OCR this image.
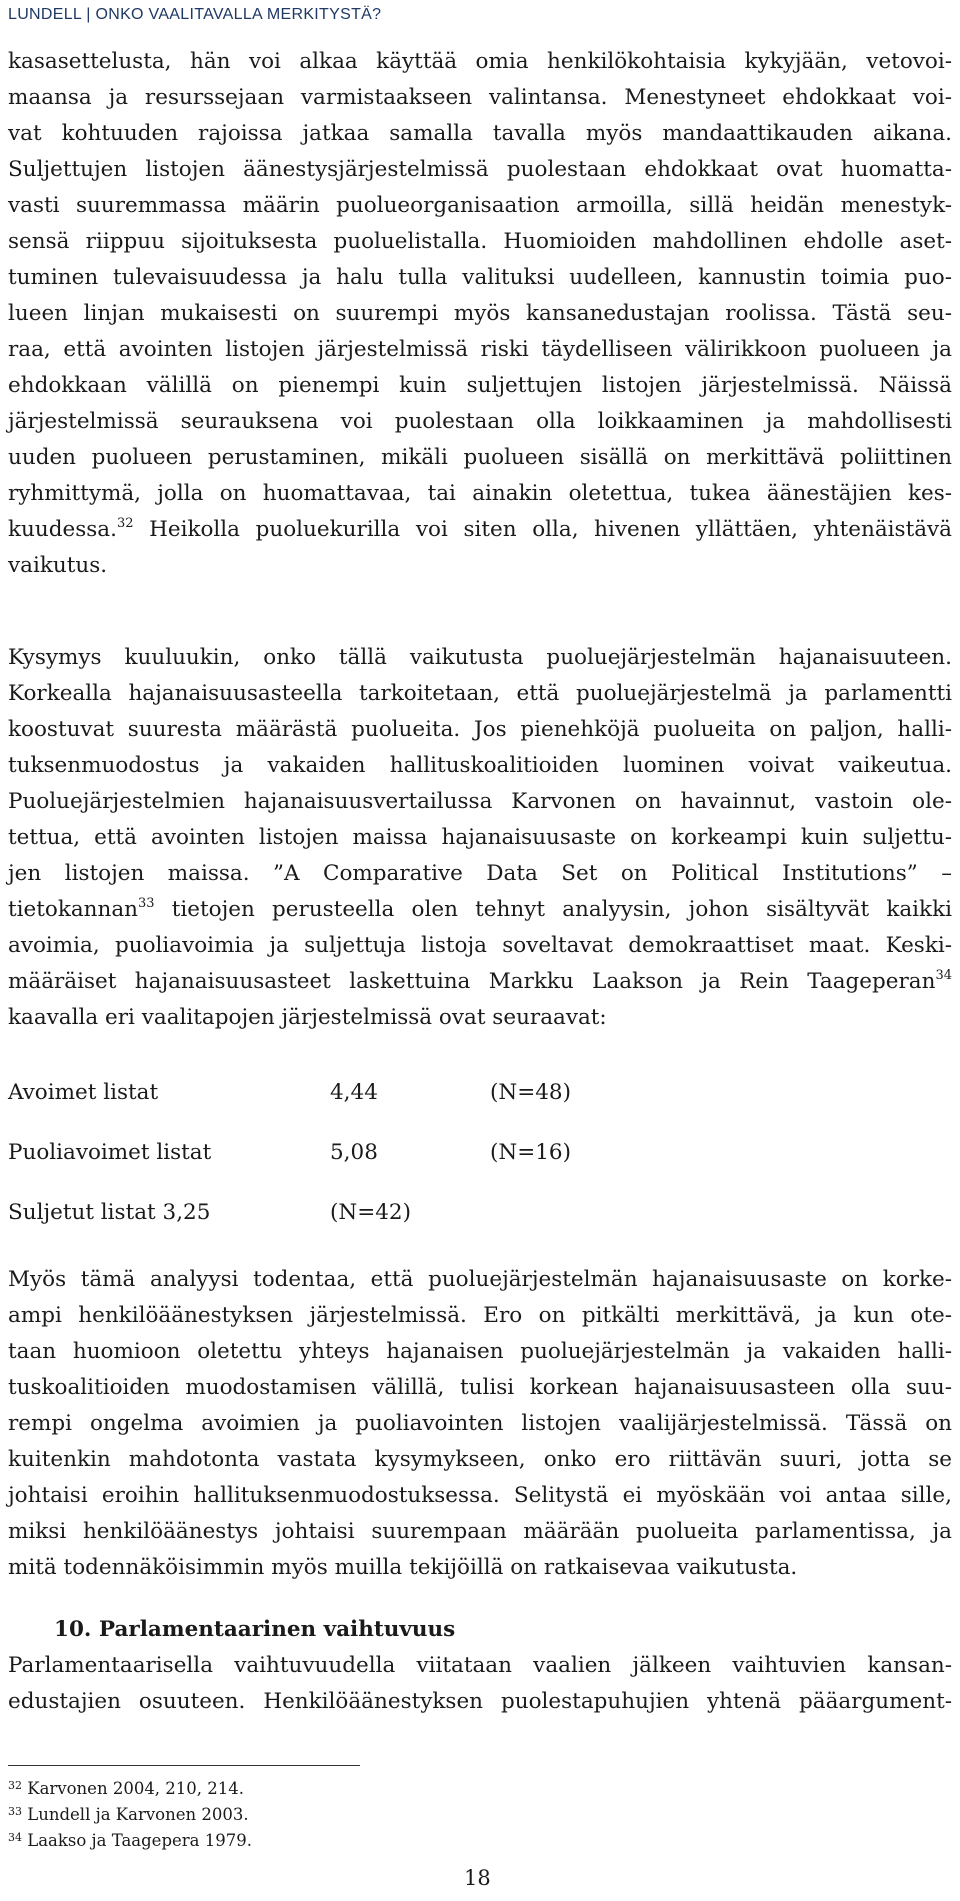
LUNDELL | ONKO VAALITAVALLA MERKITYSTÄ?

kasasettelusta, hän voi alkaa käyttää omia henkilökohtaisia kykyjään, vetovoi-

maansa ja resurssejaan varmistaakseen valintansa. Menestyneet ehdokkaat voi-

vat kohtuuden rajoissa jatkaa samalla tavalla myös mandaattikauden aikana.

Suljettujen listojen äänestysjärjestelmissä puolestaan ehdokkaat ovat huomatta-

vasti suuremmassa määrin puolueorganisaation armoilla, sillä heidän menestyk-

sensä riippuu sijoituksesta puoluelistalla. Huomioiden mahdollinen ehdolle aset-

tuminen tulevaisuudessa ja halu tulla valituksi uudelleen, kannustin toimia puo-

lueen linjan mukaisesti on suurempi myös kansanedustajan roolissa. Tästä seu-

raa, että avointen listojen järjestelmissä riski täydelliseen välirikkoon puolueen ja

ehdokkaan välillä on pienempi kuin suljettujen listojen järjestelmissä. Näissä

järjestelmissä seurauksena voi puolestaan olla loikkaaminen ja mahdollisesti

uuden puolueen perustaminen, mikäli puolueen sisällä on merkittävä poliittinen

ryhmittymä, jolla on huomattavaa, tai ainakin oletettua, tukea äänestäjien kes-

kuudessa.$^{32}$ Heikolla puoluekurilla voi siten olla, hivenen yllättäen, yhtenäistävä

vaikutus.

Kysymys kuuluukin, onko tällä vaikutusta puoluejärjestelmän hajanaisuuteen.

Korkealla hajanaisuusasteella tarkoitetaan, että puoluejärjestelmä ja parlamentti

koostuvat suuresta määrästä puolueita. Jos pienehköjä puolueita on paljon, halli-

tuksenmuodostus ja vakaiden hallituskoalitioiden luominen voivat vaikeutua.

Puoluejärjestelmien hajanaisuusvertailussa Karvonen on havainnut, vastoin ole-

tettua, että avointen listojen maissa hajanaisuusaste on korkeampi kuin suljettu-

jen listojen maissa. ”A Comparative Data Set on Political Institutions” –

tietokannan$^{33}$ tietojen perusteella olen tehnyt analyysin, johon sisältyvät kaikki

avoimia, puoliavoimia ja suljettuja listoja soveltavat demokraattiset maat. Keski-

määräiset hajanaisuusasteet laskettuina Markku Laakson ja Rein Taageperan$^{34}$

kaavalla eri vaalitapojen järjestelmissä ovat seuraavat:

Avoimet listat	4,44	(N=48)
Puoliavoimet listat	5,08	(N=16)
Suljetut listat 3,25	(N=42)

Myös tämä analyysi todentaa, että puoluejärjestelmän hajanaisuusaste on korke-

ampi henkilöäänestyksen järjestelmissä. Ero on pitkälti merkittävä, ja kun ote-

taan huomioon oletettu yhteys hajanaisen puoluejärjestelmän ja vakaiden halli-

tuskoalitioiden muodostamisen välillä, tulisi korkean hajanaisuusasteen olla suu-

rempi ongelma avoimien ja puoliavointen listojen vaalijärjestelmissä. Tässä on

kuitenkin mahdotonta vastata kysymykseen, onko ero riittävän suuri, jotta se

johtaisi eroihin hallituksenmuodostuksessa. Selitystä ei myöskään voi antaa sille,

miksi henkilöäänestys johtaisi suurempaan määrään puolueita parlamentissa, ja

mitä todennäköisimmin myös muilla tekijöillä on ratkaisevaa vaikutusta.

10. Parlamentaarinen vaihtuvuus

Parlamentaarisella vaihtuvuudella viitataan vaalien jälkeen vaihtuvien kansan-

edustajien osuuteen. Henkilöäänestyksen puolestapuhujien yhtenä pääargument-

$^{32}$ Karvonen 2004, 210, 214.
$^{33}$ Lundell ja Karvonen 2003.
$^{34}$ Laakso ja Taagepera 1979.
18
